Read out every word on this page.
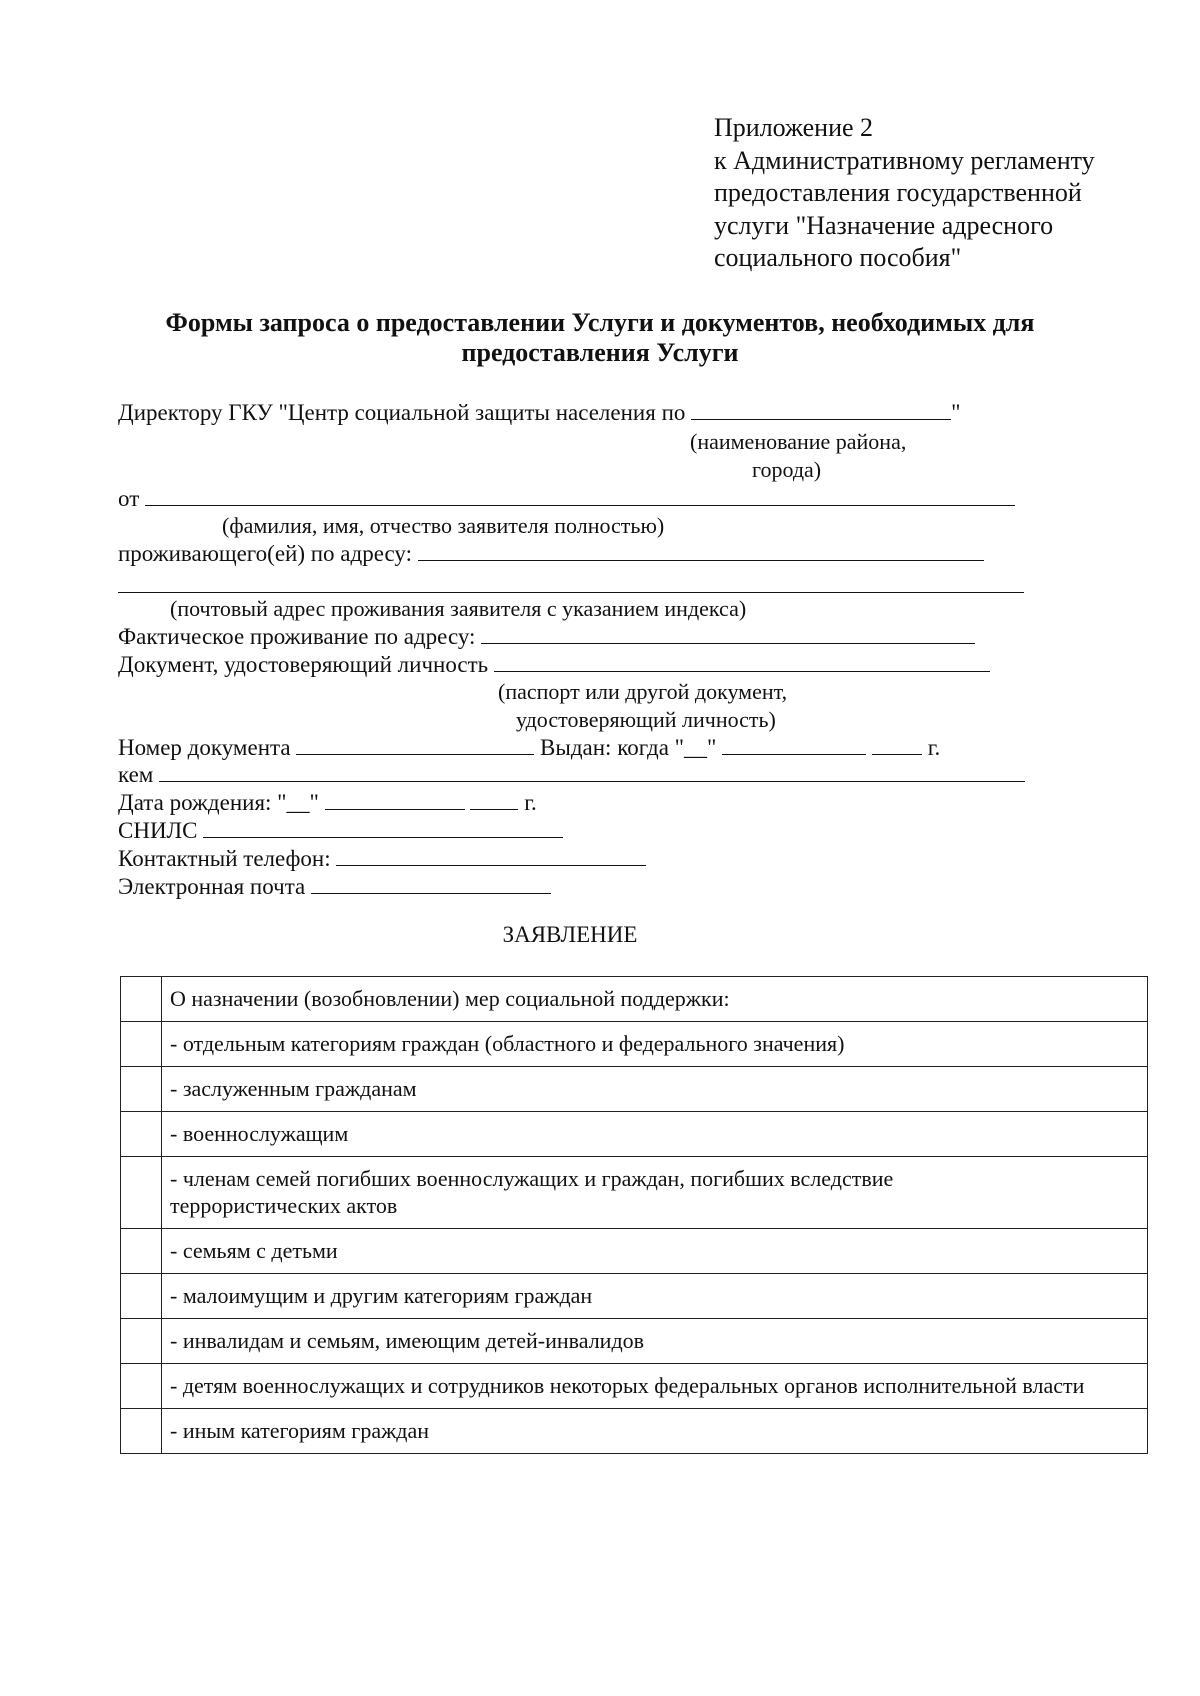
Приложение 2
к Административному регламенту
предоставления государственной
услуги "Назначение адресного
социального пособия"
Формы запроса о предоставлении Услуги и документов, необходимых для
предоставления Услуги
Директору ГКУ "Центр социальной защиты населения по	"
(наименование района,
города)
от
(фамилия, имя, отчество заявителя полностью)
проживающего(ей) по адресу:
(почтовый адрес проживания заявителя с указанием индекса)
Фактическое проживание по адресу:
Документ, удостоверяющий личность
(паспорт или другой документ,
удостоверяющий личность)
Номер документа	Выдан: когда "__"	г.
кем
Дата рождения: "__"	г.
СНИЛС
Контактный телефон:
Электронная почта
ЗАЯВЛЕНИЕ
	О назначении (возобновлении) мер социальной поддержки:
	- отдельным категориям граждан (областного и федерального значения)
	- заслуженным гражданам
	- военнослужащим
	- членам семей погибших военнослужащих и граждан, погибших вследствие террористических актов
	- семьям с детьми
	- малоимущим и другим категориям граждан
	- инвалидам и семьям, имеющим детей-инвалидов
	- детям военнослужащих и сотрудников некоторых федеральных органов исполнительной власти
	- иным категориям граждан
